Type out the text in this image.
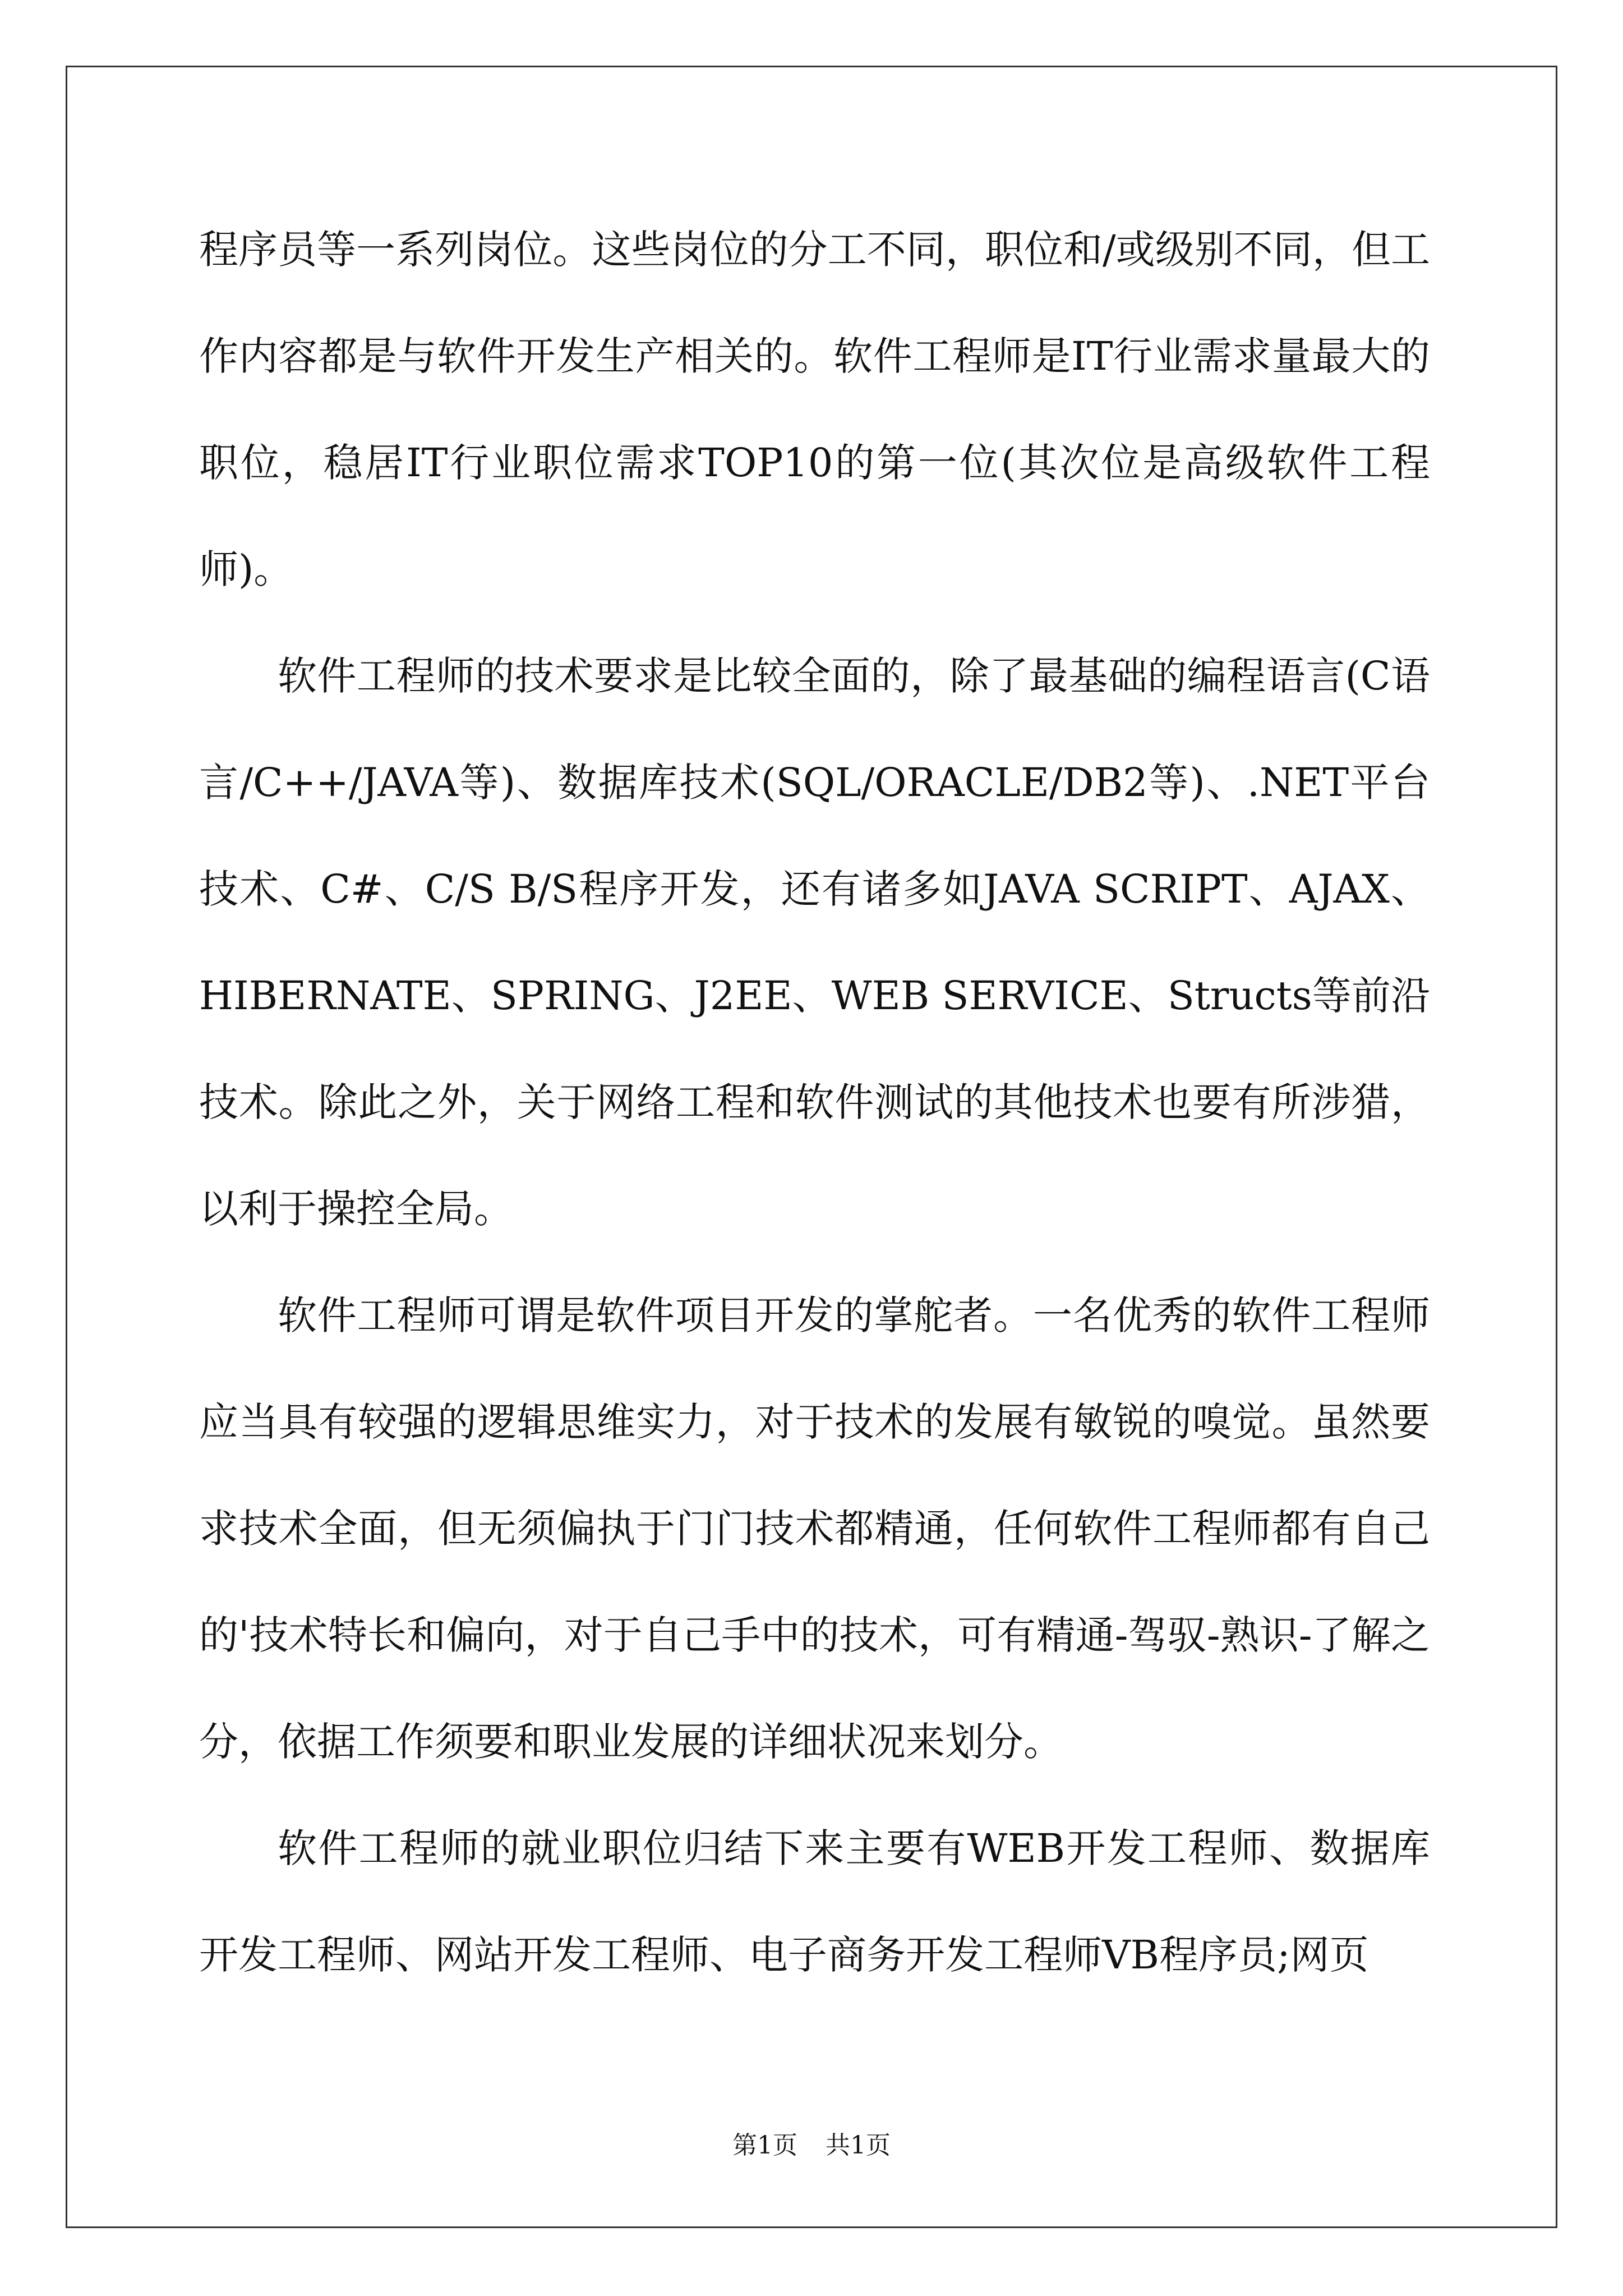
程序员等一系列岗位。这些岗位的分工不同，职位和/或级别不同，但工作内容都是与软件开发生产相关的。软件工程师是IT行业需求量最大的职位，稳居IT行业职位需求TOP10的第一位(其次位是高级软件工程师)。

软件工程师的技术要求是比较全面的，除了最基础的编程语言(C语言/C++/JAVA等)、数据库技术(SQL/ORACLE/DB2等)、.NET平台技术、C#、C/S B/S程序开发，还有诸多如JAVA SCRIPT、AJAX、HIBERNATE、SPRING、J2EE、WEB SERVICE、Structs等前沿技术。除此之外，关于网络工程和软件测试的其他技术也要有所涉猎，以利于操控全局。

软件工程师可谓是软件项目开发的掌舵者。一名优秀的软件工程师应当具有较强的逻辑思维实力，对于技术的发展有敏锐的嗅觉。虽然要求技术全面，但无须偏执于门门技术都精通，任何软件工程师都有自己的'技术特长和偏向，对于自己手中的技术，可有精通-驾驭-熟识-了解之分，依据工作须要和职业发展的详细状况来划分。

软件工程师的就业职位归结下来主要有WEB开发工程师、数据库开发工程师、网站开发工程师、电子商务开发工程师VB程序员;网页

第1页 共1页
